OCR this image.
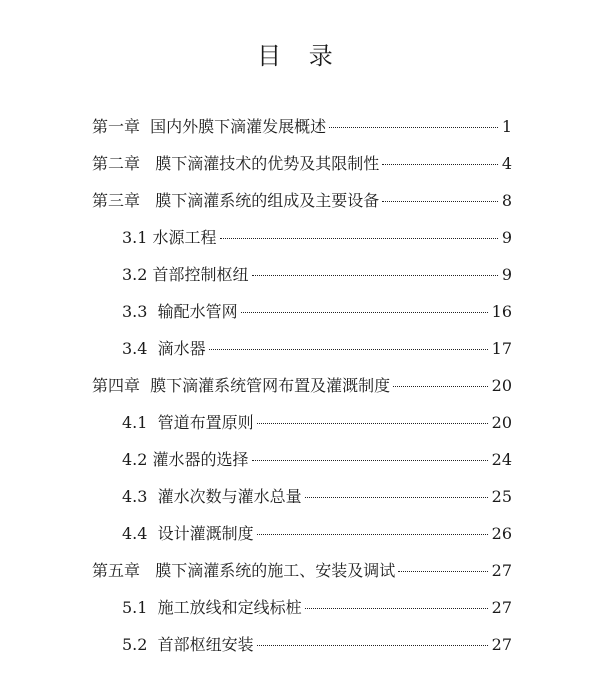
目 录
第一章  国内外膜下滴灌发展概述	1
第二章   膜下滴灌技术的优势及其限制性	4
第三章   膜下滴灌系统的组成及主要设备	8
3.1 水源工程	9
3.2 首部控制枢纽	9
3.3  输配水管网	16
3.4  滴水器	17
第四章  膜下滴灌系统管网布置及灌溉制度	20
4.1  管道布置原则	20
4.2 灌水器的选择	24
4.3  灌水次数与灌水总量	25
4.4  设计灌溉制度	26
第五章   膜下滴灌系统的施工、安装及调试	27
5.1  施工放线和定线标桩	27
5.2  首部枢纽安装	27
